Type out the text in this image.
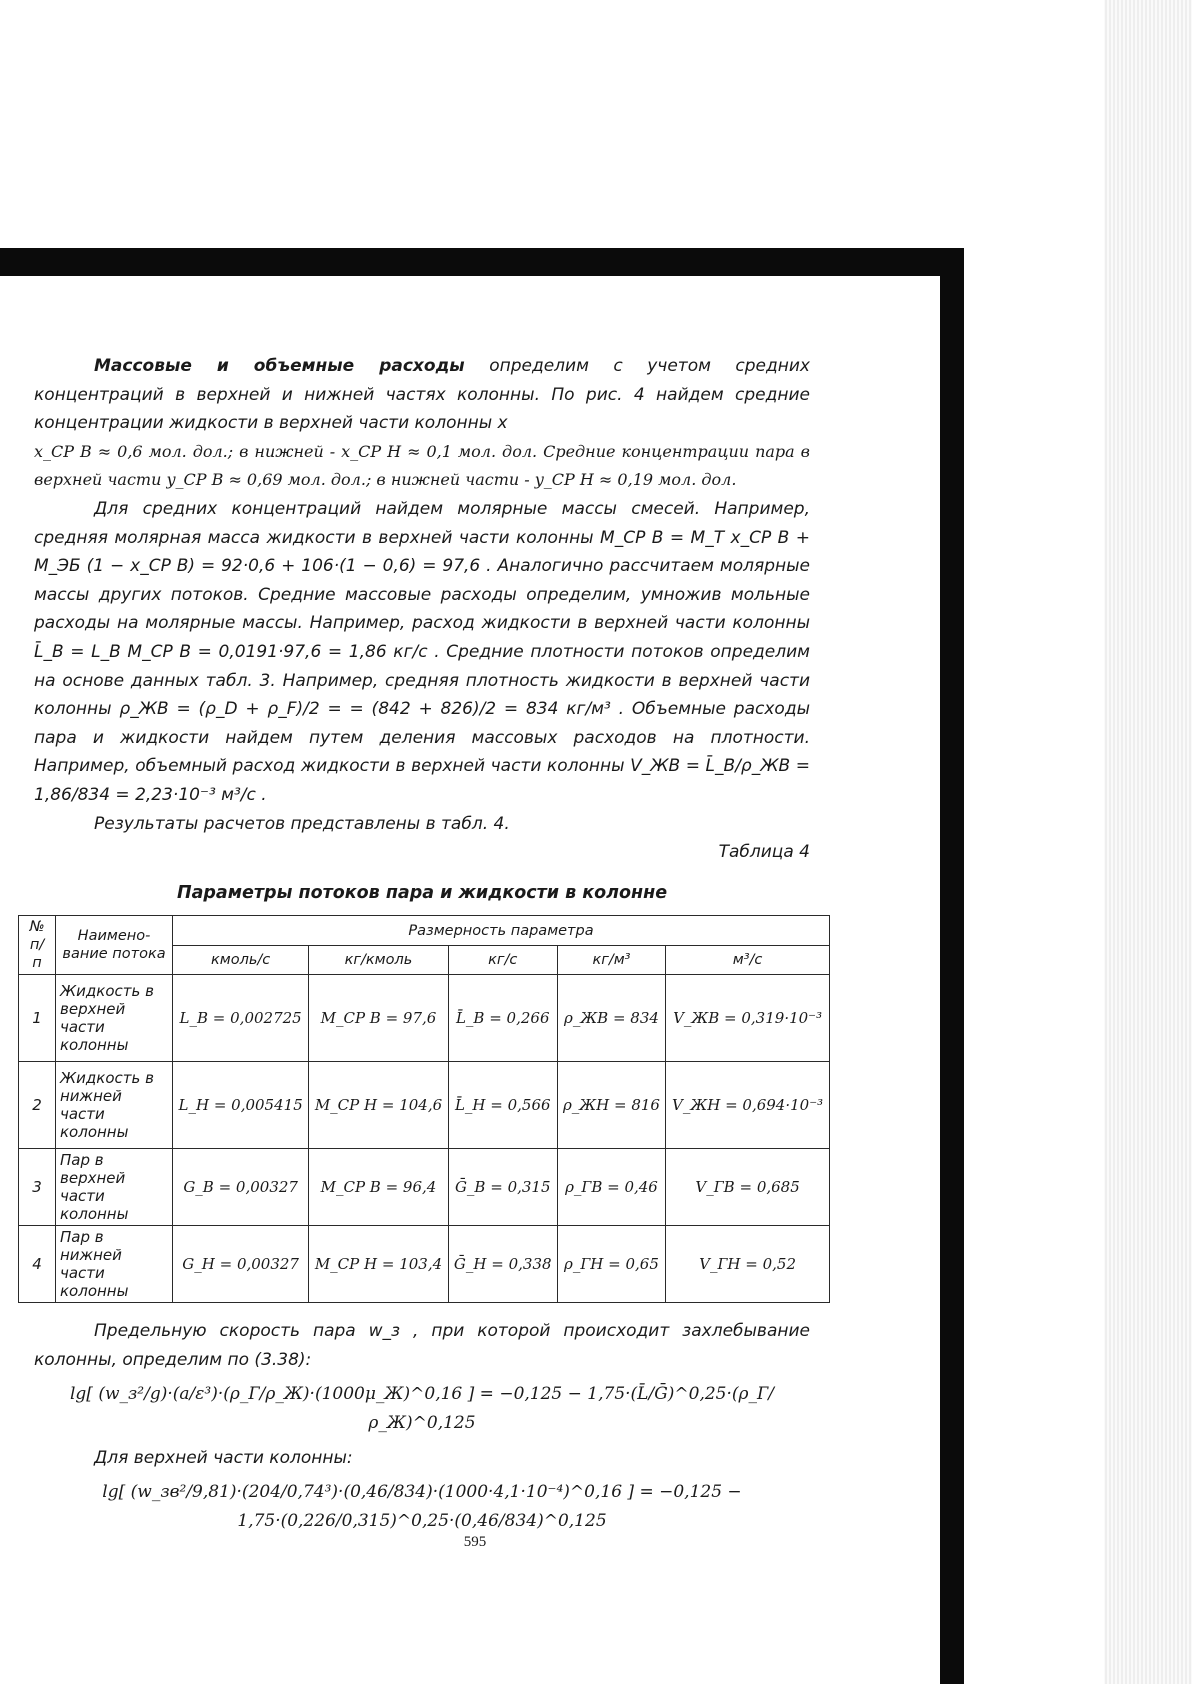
Массовые и объемные расходы определим с учетом средних концентраций в верхней и нижней частях колонны. По рис. 4 найдем средние концентрации жидкости в верхней части колонны x

x_СР В ≈ 0,6 мол. дол.; в нижней - x_СР Н ≈ 0,1 мол. дол. Средние концентрации пара в верхней части y_СР В ≈ 0,69 мол. дол.; в нижней части - y_СР Н ≈ 0,19 мол. дол.

Для средних концентраций найдем молярные массы смесей. Например, средняя молярная масса жидкости в верхней части колонны M_СР В = M_Т x_СР В + M_ЭБ (1 − x_СР В) = 92·0,6 + 106·(1 − 0,6) = 97,6 . Аналогично рассчитаем молярные массы других потоков. Средние массовые расходы определим, умножив мольные расходы на молярные массы. Например, расход жидкости в верхней части колонны L̄_В = L_В M_СР В = 0,0191·97,6 = 1,86 кг/с . Средние плотности потоков определим на основе данных табл. 3. Например, средняя плотность жидкости в верхней части колонны ρ_ЖВ = (ρ_D + ρ_F)/2 = = (842 + 826)/2 = 834 кг/м³ . Объемные расходы пара и жидкости найдем путем деления массовых расходов на плотности. Например, объемный расход жидкости в верхней части колонны V_ЖВ = L̄_В/ρ_ЖВ = 1,86/834 = 2,23·10⁻³ м³/с .

Результаты расчетов представлены в табл. 4.

Таблица 4

Параметры потоков пара и жидкости в колонне

№ п/ п	Наимено-вание потока	Размерность параметра				
		кмоль/с	кг/кмоль	кг/с	кг/м³	м³/с
1	Жидкость в верхней части колонны	L_В = 0,002725	M_СР В = 97,6	L̄_В = 0,266	ρ_ЖВ = 834	V_ЖВ = 0,319·10⁻³
2	Жидкость в нижней части колонны	L_Н = 0,005415	M_СР Н = 104,6	L̄_Н = 0,566	ρ_ЖН = 816	V_ЖН = 0,694·10⁻³
3	Пар в верхней части колонны	G_В = 0,00327	M_СР В = 96,4	Ḡ_В = 0,315	ρ_ГВ = 0,46	V_ГВ = 0,685
4	Пар в нижней части колонны	G_Н = 0,00327	M_СР Н = 103,4	Ḡ_Н = 0,338	ρ_ГН = 0,65	V_ГН = 0,52

Предельную скорость пара w_з , при которой происходит захлебывание колонны, определим по (3.38):

lg[ (w_з²/g)·(a/ε³)·(ρ_Г/ρ_Ж)·(1000μ_Ж)^0,16 ] = −0,125 − 1,75·(L̄/Ḡ)^0,25·(ρ_Г/ρ_Ж)^0,125

Для верхней части колонны:

lg[ (w_зв²/9,81)·(204/0,74³)·(0,46/834)·(1000·4,1·10⁻⁴)^0,16 ] = −0,125 − 1,75·(0,226/0,315)^0,25·(0,46/834)^0,125
595
